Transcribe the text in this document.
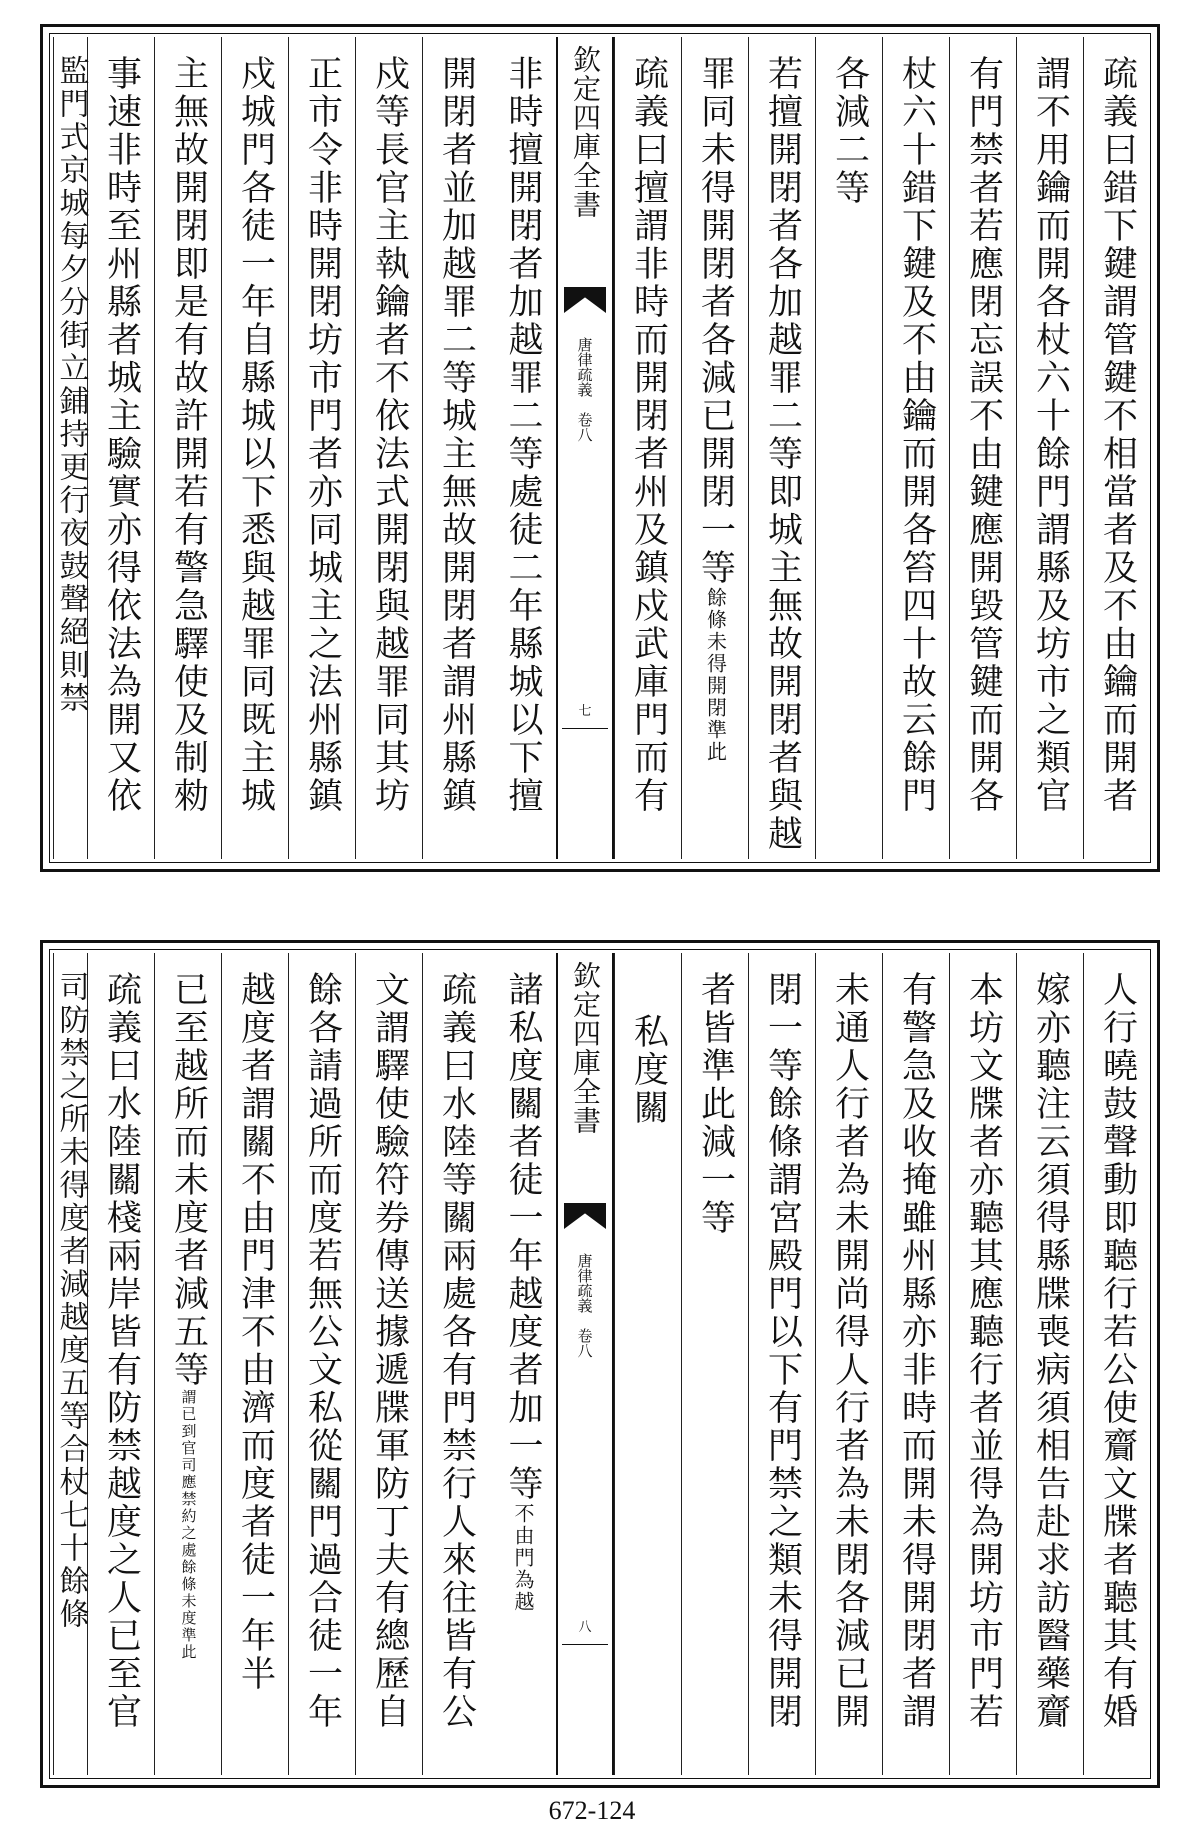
疏義曰錯下鍵謂管鍵不相當者及不由鑰而開者
謂不用鑰而開各杖六十餘門謂縣及坊市之類官
有門禁者若應閉忘誤不由鍵應開毀管鍵而開各
杖六十錯下鍵及不由鑰而開各笞四十故云餘門
各減二等
若擅開閉者各加越罪二等即城主無故開閉者與越
罪同未得開閉者各減已開閉一等餘條未得開閉準此
疏義曰擅謂非時而開閉者州及鎮戍武庫門而有
欽定四庫全書
唐律疏義　卷八
七
非時擅開閉者加越罪二等處徒二年縣城以下擅
開閉者並加越罪二等城主無故開閉者謂州縣鎮
戍等長官主執鑰者不依法式開閉與越罪同其坊
正市令非時開閉坊市門者亦同城主之法州縣鎮
戍城門各徒一年自縣城以下悉與越罪同既主城
主無故開閉即是有故許開若有警急驛使及制勑
事速非時至州縣者城主驗實亦得依法為開又依
監門式京城每夕分街立鋪持更行夜鼓聲絕則禁
人行曉鼓聲動即聽行若公使齎文牒者聽其有婚
嫁亦聽注云須得縣牒喪病須相告赴求訪醫藥齎
本坊文牒者亦聽其應聽行者並得為開坊市門若
有警急及收掩雖州縣亦非時而開未得開閉者謂
未通人行者為未開尚得人行者為未閉各減已開
閉一等餘條謂宮殿門以下有門禁之類未得開閉
者皆準此減一等
私度關
欽定四庫全書
唐律疏義　卷八
八
諸私度關者徒一年越度者加一等不由門為越
疏義曰水陸等關兩處各有門禁行人來往皆有公
文謂驛使驗符券傳送據遞牒軍防丁夫有總歷自
餘各請過所而度若無公文私從關門過合徒一年
越度者謂關不由門津不由濟而度者徒一年半
已至越所而未度者減五等謂已到官司應禁約之處餘條未度準此
疏義曰水陸關棧兩岸皆有防禁越度之人已至官
司防禁之所未得度者減越度五等合杖七十餘條
672-124
